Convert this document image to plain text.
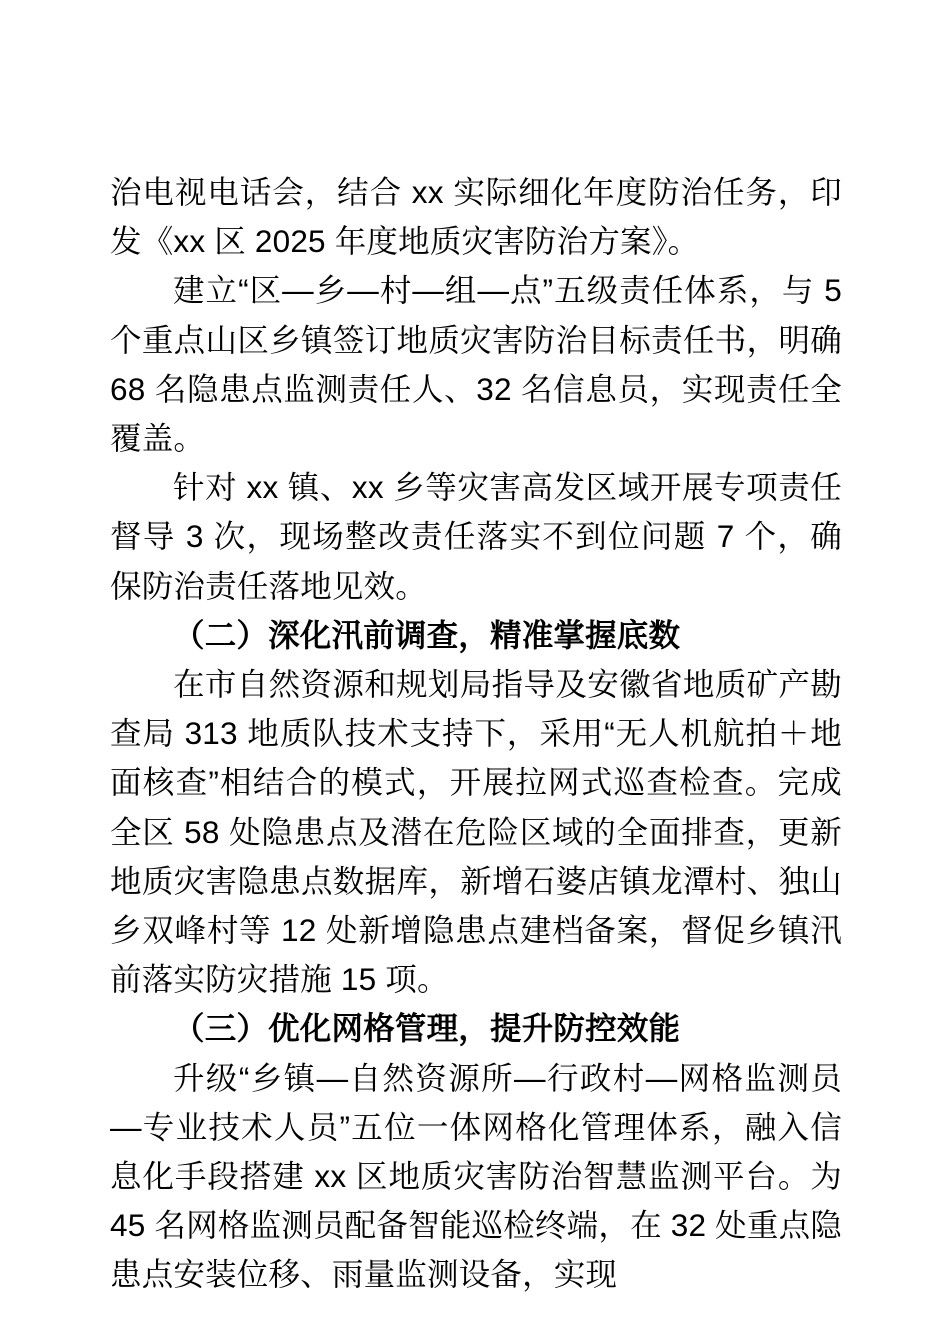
治电视电话会，结合 xx 实际细化年度防治任务，印发《xx 区 2025 年度地质灾害防治方案》。

建立“区—乡—村—组—点”五级责任体系，与 5 个重点山区乡镇签订地质灾害防治目标责任书，明确 68 名隐患点监测责任人、32 名信息员，实现责任全覆盖。

针对 xx 镇、xx 乡等灾害高发区域开展专项责任督导 3 次，现场整改责任落实不到位问题 7 个，确保防治责任落地见效。

（二）深化汛前调查，精准掌握底数

在市自然资源和规划局指导及安徽省地质矿产勘查局 313 地质队技术支持下，采用“无人机航拍＋地面核查”相结合的模式，开展拉网式巡查检查。完成全区 58 处隐患点及潜在危险区域的全面排查，更新地质灾害隐患点数据库，新增石婆店镇龙潭村、独山乡双峰村等 12 处新增隐患点建档备案，督促乡镇汛前落实防灾措施 15 项。

（三）优化网格管理，提升防控效能

升级“乡镇—自然资源所—行政村—网格监测员—专业技术人员”五位一体网格化管理体系，融入信息化手段搭建 xx 区地质灾害防治智慧监测平台。为 45 名网格监测员配备智能巡检终端，在 32 处重点隐患点安装位移、雨量监测设备，实现
